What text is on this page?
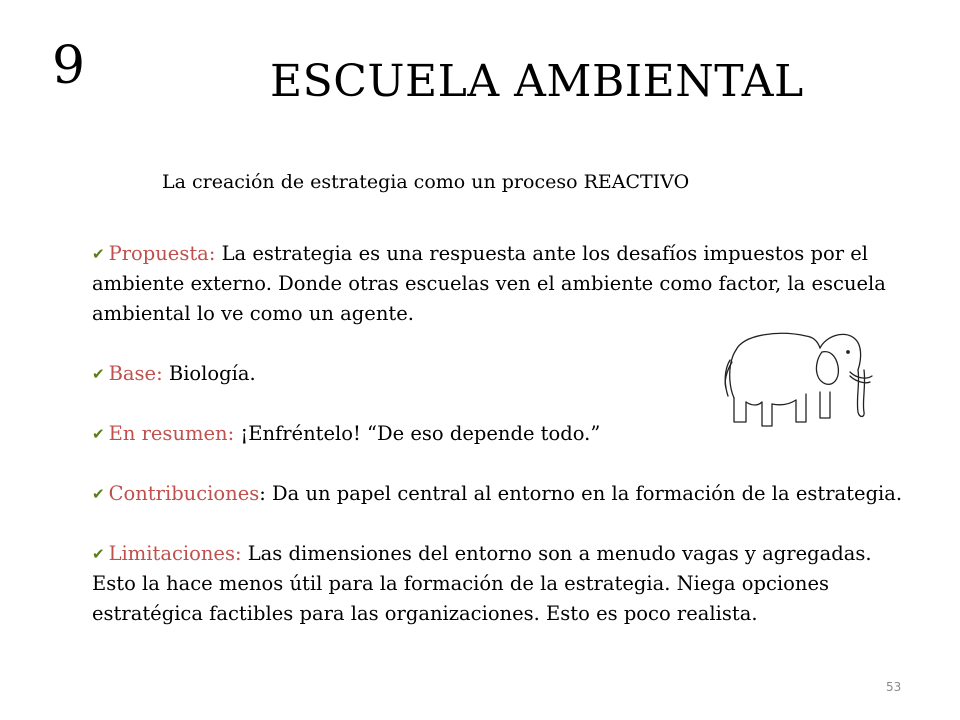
9	ESCUELA AMBIENTAL
La creación de estrategia como un proceso REACTIVO
✔ Propuesta: La estrategia es una respuesta ante los desafíos impuestos por el ambiente externo. Donde otras escuelas ven el ambiente como factor, la escuela ambiental lo ve como un agente.
✔ Base: Biología.
✔ En resumen: ¡Enfréntelo! “De eso depende todo.”
✔ Contribuciones: Da un papel central al entorno en la formación de la estrategia.
✔ Limitaciones: Las dimensiones del entorno son a menudo vagas y agregadas. Esto la hace menos útil para la formación de la estrategia. Niega opciones estratégica factibles para las organizaciones. Esto es poco realista.
53
